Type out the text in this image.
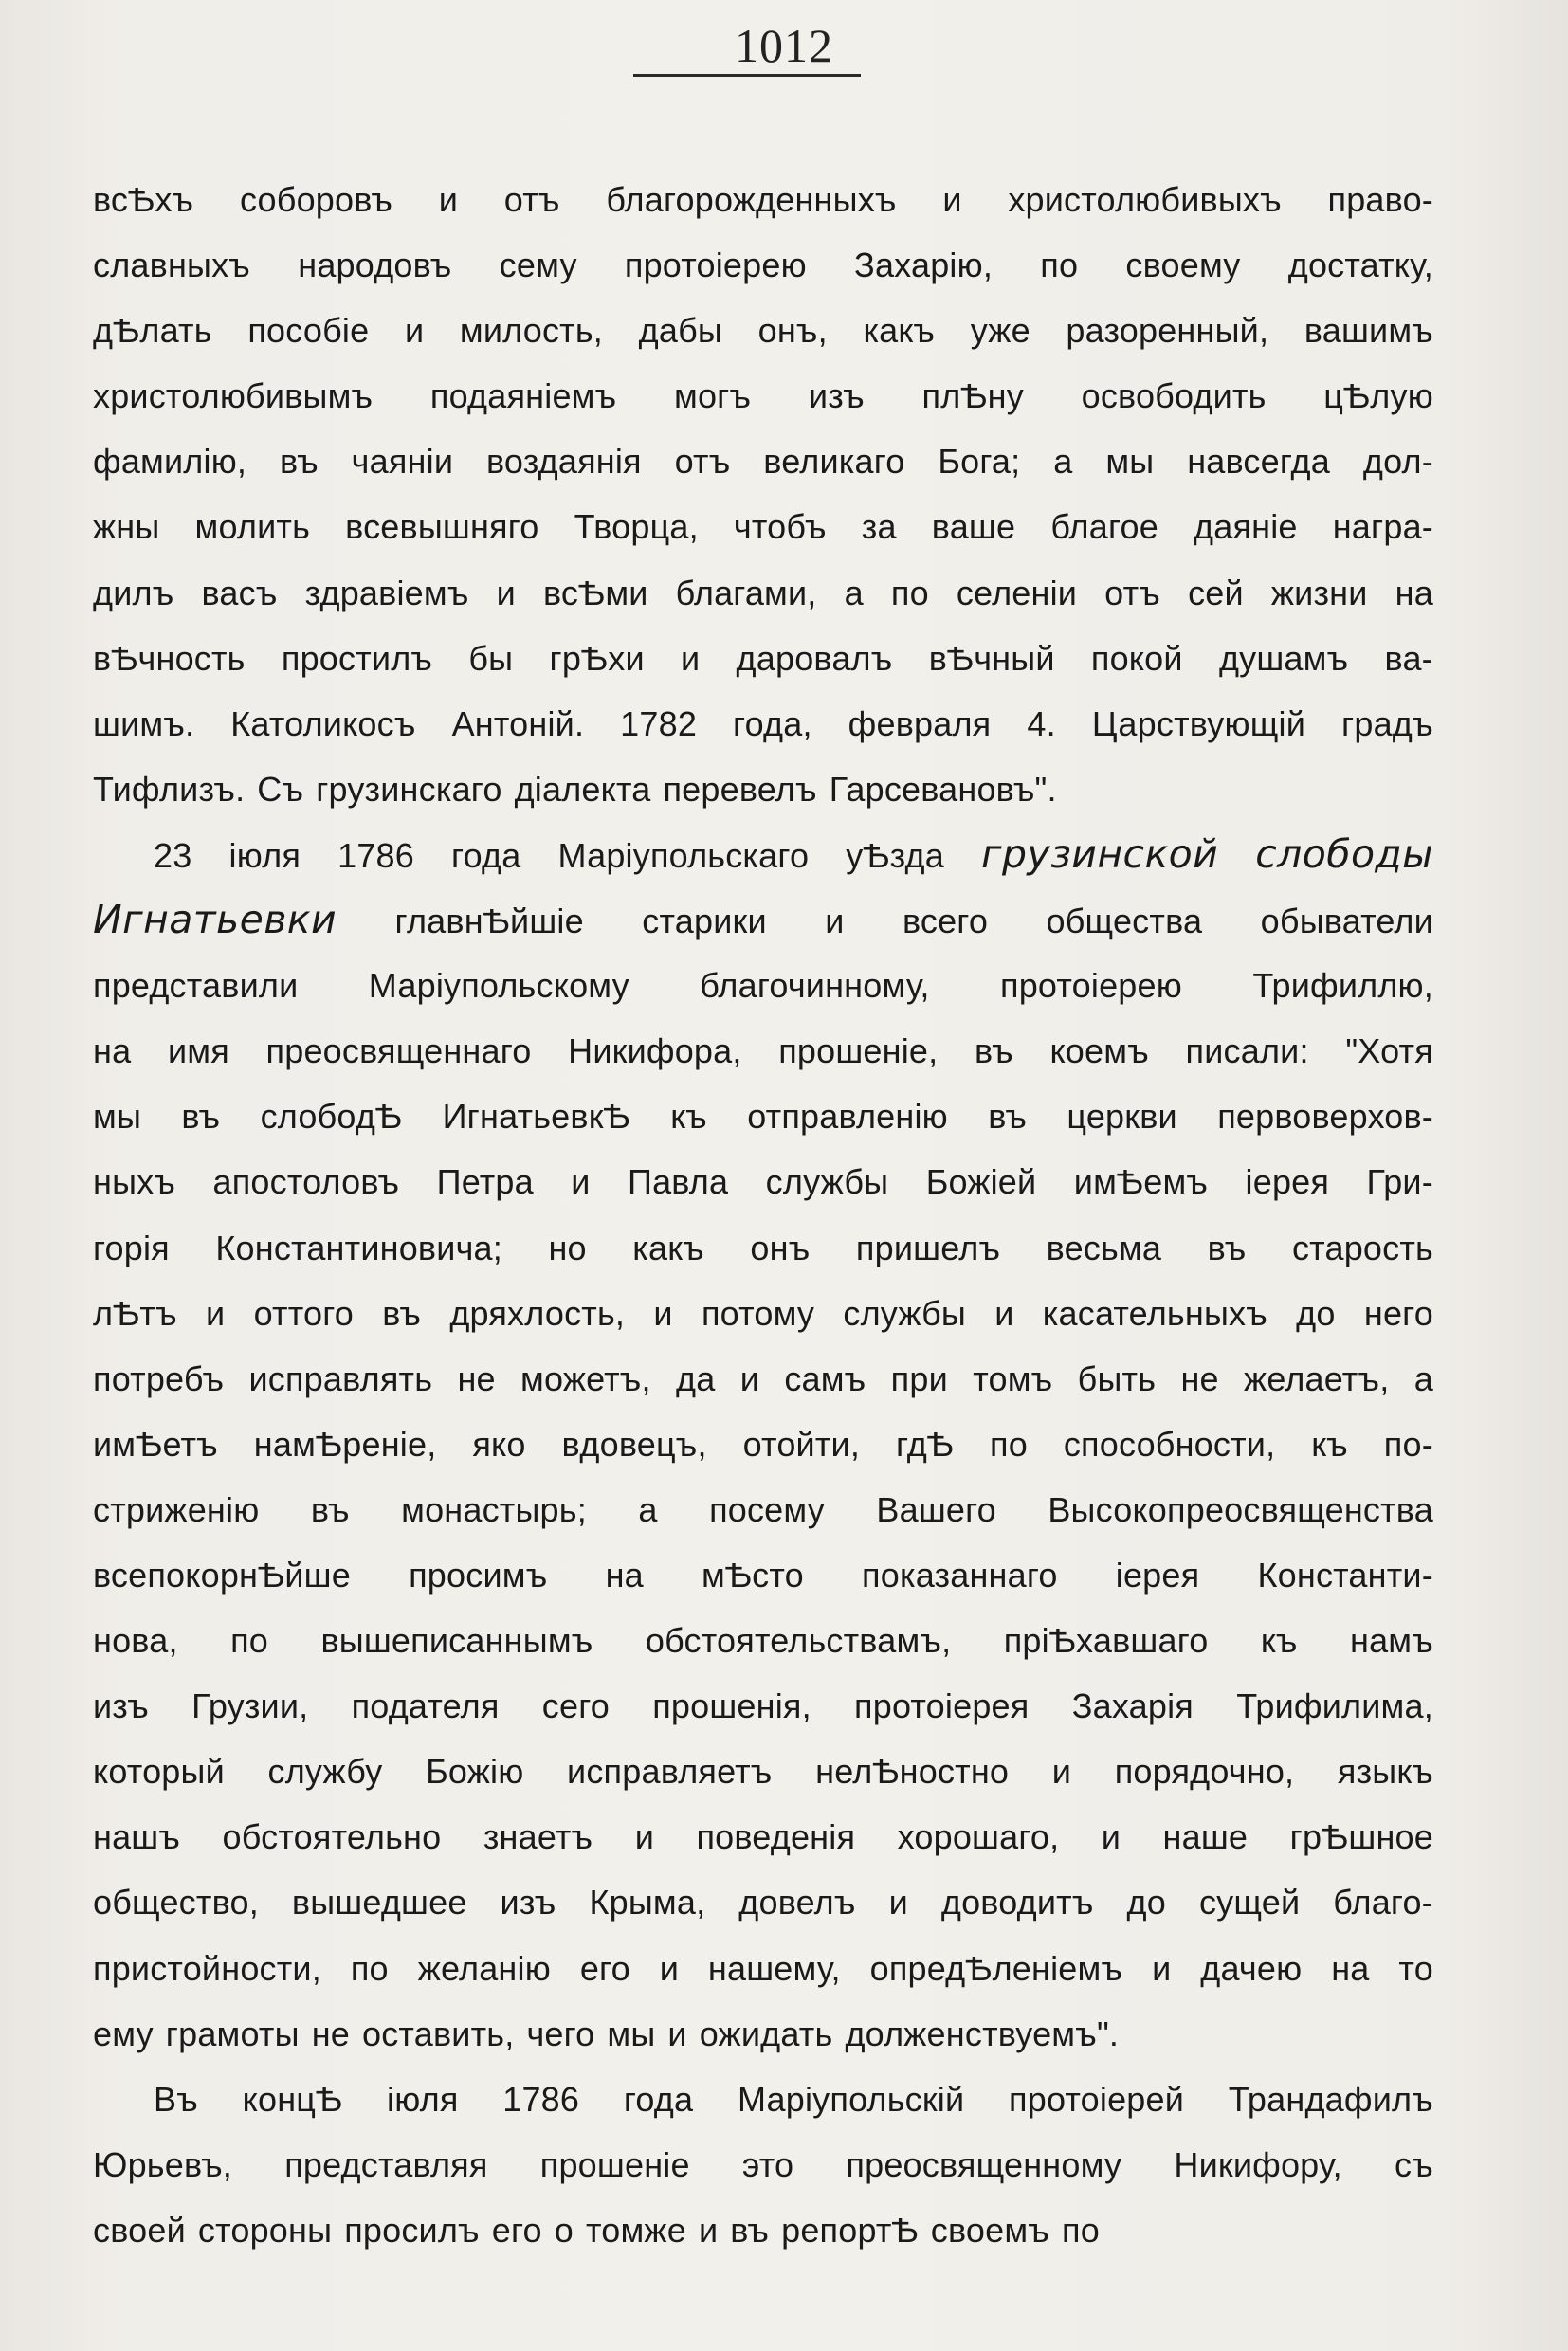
1012
всѢхъ соборовъ и отъ благорожденныхъ и христолюбивыхъ право-
славныхъ народовъ сему протоіерею Захарію, по своему достатку,
дѢлать пособіе и милость, дабы онъ, какъ уже разоренный, вашимъ
христолюбивымъ подаяніемъ могъ изъ плѢну освободить цѢлую
фамилію, въ чаяніи воздаянія отъ великаго Бога; а мы навсегда дол-
жны молить всевышняго Творца, чтобъ за ваше благое даяніе награ-
дилъ васъ здравіемъ и всѢми благами, а по селеніи отъ сей жизни на
вѢчность простилъ бы грѢхи и даровалъ вѢчный покой душамъ ва-
шимъ. Католикосъ Антоній. 1782 года, февраля 4. Царствующій градъ
Тифлизъ. Съ грузинскаго діалекта перевелъ Гарсевановъ".
23 іюля 1786 года Маріупольскаго уѢзда грузинской слободы
Игнатьевки главнѢйшіе старики и всего общества обыватели
представили Маріупольскому благочинному, протоіерею Трифиллю,
на имя преосвященнаго Никифора, прошеніе, въ коемъ писали: "Хотя
мы въ слободѢ ИгнатьевкѢ къ отправленію въ церкви первоверхов-
ныхъ апостоловъ Петра и Павла службы Божіей имѢемъ іерея Гри-
горія Константиновича; но какъ онъ пришелъ весьма въ старость
лѢтъ и оттого въ дряхлость, и потому службы и касательныхъ до него
потребъ исправлять не можетъ, да и самъ при томъ быть не желаетъ, а
имѢетъ намѢреніе, яко вдовецъ, отойти, гдѢ по способности, къ по-
стриженію въ монастырь; а посему Вашего Высокопреосвященства
всепокорнѢйше просимъ на мѢсто показаннаго іерея Константи-
нова, по вышеписаннымъ обстоятельствамъ, пріѢхавшаго къ намъ
изъ Грузии, подателя сего прошенія, протоіерея Захарія Трифилима,
который службу Божію исправляетъ нелѢностно и порядочно, языкъ
нашъ обстоятельно знаетъ и поведенія хорошаго, и наше грѢшное
общество, вышедшее изъ Крыма, довелъ и доводитъ до сущей благо-
пристойности, по желанію его и нашему, опредѢленіемъ и дачею на то
ему грамоты не оставить, чего мы и ожидать долженствуемъ".
Въ концѢ іюля 1786 года Маріупольскій протоіерей Трандафилъ
Юрьевъ, представляя прошеніе это преосвященному Никифору, съ
своей стороны просилъ его о томже и въ репортѢ своемъ по
